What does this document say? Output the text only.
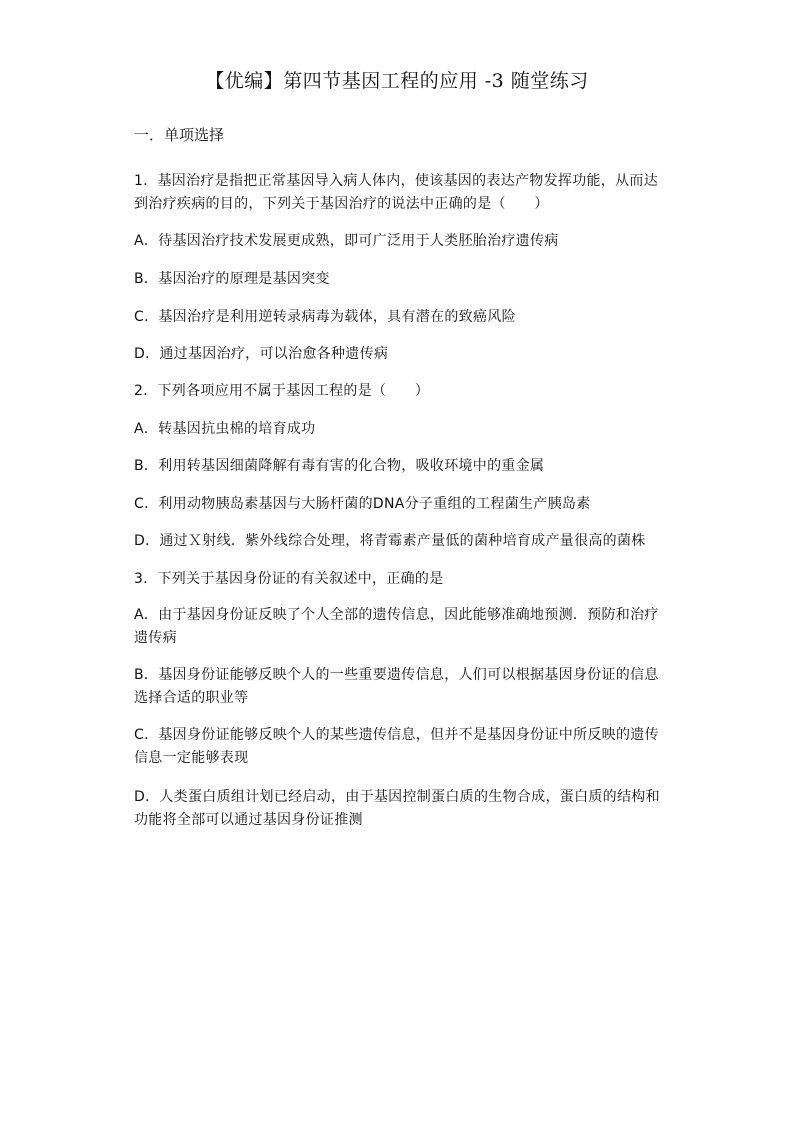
【优编】第四节基因工程的应用 -3 随堂练习
一．单项选择
1．基因治疗是指把正常基因导入病人体内，使该基因的表达产物发挥功能，从而达到治疗疾病的目的，下列关于基因治疗的说法中正确的是（　　）
A．待基因治疗技术发展更成熟，即可广泛用于人类胚胎治疗遗传病
B．基因治疗的原理是基因突变
C．基因治疗是利用逆转录病毒为载体，具有潜在的致癌风险
D．通过基因治疗，可以治愈各种遗传病
2．下列各项应用不属于基因工程的是（　　）
A．转基因抗虫棉的培育成功
B．利用转基因细菌降解有毒有害的化合物，吸收环境中的重金属
C．利用动物胰岛素基因与大肠杆菌的DNA分子重组的工程菌生产胰岛素
D．通过Ｘ射线．紫外线综合处理，将青霉素产量低的菌种培育成产量很高的菌株
3．下列关于基因身份证的有关叙述中，正确的是
A．由于基因身份证反映了个人全部的遗传信息，因此能够准确地预测．预防和治疗遗传病
B．基因身份证能够反映个人的一些重要遗传信息，人们可以根据基因身份证的信息选择合适的职业等
C．基因身份证能够反映个人的某些遗传信息，但并不是基因身份证中所反映的遗传信息一定能够表现
D．人类蛋白质组计划已经启动，由于基因控制蛋白质的生物合成，蛋白质的结构和功能将全部可以通过基因身份证推测
